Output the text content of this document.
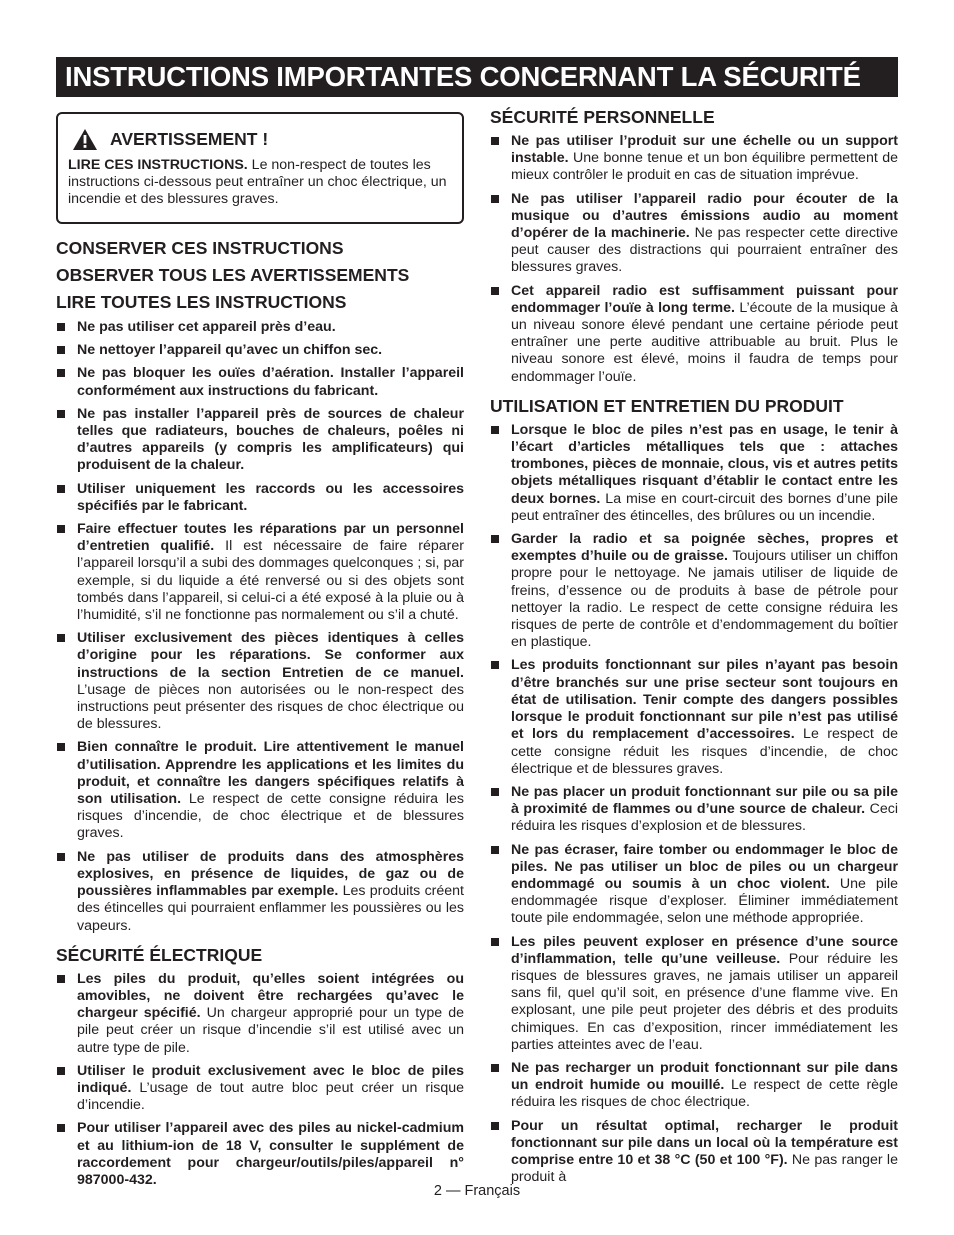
INSTRUCTIONS IMPORTANTES CONCERNANT LA SÉCURITÉ
AVERTISSEMENT !
LIRE CES INSTRUCTIONS. Le non-respect de toutes les instructions ci-dessous peut entraîner un choc électrique, un incendie et des blessures graves.
CONSERVER CES INSTRUCTIONS
OBSERVER TOUS LES AVERTISSEMENTS
LIRE TOUTES LES INSTRUCTIONS
Ne pas utiliser cet appareil près d’eau.
Ne nettoyer l’appareil qu’avec un chiffon sec.
Ne pas bloquer les ouïes d’aération. Installer l’appareil conformément aux instructions du fabricant.
Ne pas installer l’appareil près de sources de chaleur telles que radiateurs, bouches de chaleurs, poêles ni d’autres appareils (y compris les amplificateurs) qui produisent de la chaleur.
Utiliser uniquement les raccords ou les accessoires spécifiés par le fabricant.
Faire effectuer toutes les réparations par un personnel d’entretien qualifié. Il est nécessaire de faire réparer l’appareil lorsqu’il a subi des dommages quelconques ; si, par exemple, si du liquide a été renversé ou si des objets sont tombés dans l’appareil, si celui-ci a été exposé à la pluie ou à l’humidité, s’il ne fonctionne pas normalement ou s’il a chuté.
Utiliser exclusivement des pièces identiques à celles d’origine pour les réparations. Se conformer aux instructions de la section Entretien de ce manuel. L’usage de pièces non autorisées ou le non-respect des instructions peut présenter des risques de choc électrique ou de blessures.
Bien connaître le produit. Lire attentivement le manuel d’utilisation. Apprendre les applications et les limites du produit, et connaître les dangers spécifiques relatifs à son utilisation. Le respect de cette consigne réduira les risques d’incendie, de choc électrique et de blessures graves.
Ne pas utiliser de produits dans des atmosphères explosives, en présence de liquides, de gaz ou de poussières inflammables par exemple. Les produits créent des étincelles qui pourraient enflammer les poussières ou les vapeurs.
SÉCURITÉ ÉLECTRIQUE
Les piles du produit, qu’elles soient intégrées ou amovibles, ne doivent être rechargées qu’avec le chargeur spécifié. Un chargeur approprié pour un type de pile peut créer un risque d’incendie s’il est utilisé avec un autre type de pile.
Utiliser le produit exclusivement avec le bloc de piles indiqué. L’usage de tout autre bloc peut créer un risque d’incendie.
Pour utiliser l’appareil avec des piles au nickel-cadmium et au lithium-ion de 18 V, consulter le supplément de raccordement pour chargeur/outils/piles/appareil n° 987000-432.
SÉCURITÉ PERSONNELLE
Ne pas utiliser l’produit sur une échelle ou un support instable. Une bonne tenue et un bon équilibre permettent de mieux contrôler le produit en cas de situation imprévue.
Ne pas utiliser l’appareil radio pour écouter de la musique ou d’autres émissions audio au moment d’opérer de la machinerie. Ne pas respecter cette directive peut causer des distractions qui pourraient entraîner des blessures graves.
Cet appareil radio est suffisamment puissant pour endommager l’ouïe à long terme. L’écoute de la musique à un niveau sonore élevé pendant une certaine période peut entraîner une perte auditive attribuable au bruit. Plus le niveau sonore est élevé, moins il faudra de temps pour endommager l’ouïe.
UTILISATION ET ENTRETIEN DU PRODUIT
Lorsque le bloc de piles n’est pas en usage, le tenir à l’écart d’articles métalliques tels que : attaches trombones, pièces de monnaie, clous, vis et autres petits objets métalliques risquant d’établir le contact entre les deux bornes. La mise en court-circuit des bornes d’une pile peut entraîner des étincelles, des brûlures ou un incendie.
Garder la radio et sa poignée sèches, propres et exemptes d’huile ou de graisse. Toujours utiliser un chiffon propre pour le nettoyage. Ne jamais utiliser de liquide de freins, d’essence ou de produits à base de pétrole pour nettoyer la radio. Le respect de cette consigne réduira les risques de perte de contrôle et d’endommagement du boîtier en plastique.
Les produits fonctionnant sur piles n’ayant pas besoin d’être branchés sur une prise secteur sont toujours en état de utilisation. Tenir compte des dangers possibles lorsque le produit fonctionnant sur pile n’est pas utilisé et lors du remplacement d’accessoires. Le respect de cette consigne réduit les risques d’incendie, de choc électrique et de blessures graves.
Ne pas placer un produit fonctionnant sur pile ou sa pile à proximité de flammes ou d’une source de chaleur. Ceci réduira les risques d’explosion et de blessures.
Ne pas écraser, faire tomber ou endommager le bloc de piles. Ne pas utiliser un bloc de piles ou un chargeur endommagé ou soumis à un choc violent. Une pile endommagée risque d’exploser. Éliminer immédiatement toute pile endommagée, selon une méthode appropriée.
Les piles peuvent exploser en présence d’une source d’inflammation, telle qu’une veilleuse. Pour réduire les risques de blessures graves, ne jamais utiliser un appareil sans fil, quel qu’il soit, en présence d’une flamme vive. En explosant, une pile peut projeter des débris et des produits chimiques. En cas d’exposition, rincer immédiatement les parties atteintes avec de l’eau.
Ne pas recharger un produit fonctionnant sur pile dans un endroit humide ou mouillé. Le respect de cette règle réduira les risques de choc électrique.
Pour un résultat optimal, recharger le produit fonctionnant sur pile dans un local où la température est comprise entre 10 et 38 °C (50 et 100 °F). Ne pas ranger le produit à
2 — Français
